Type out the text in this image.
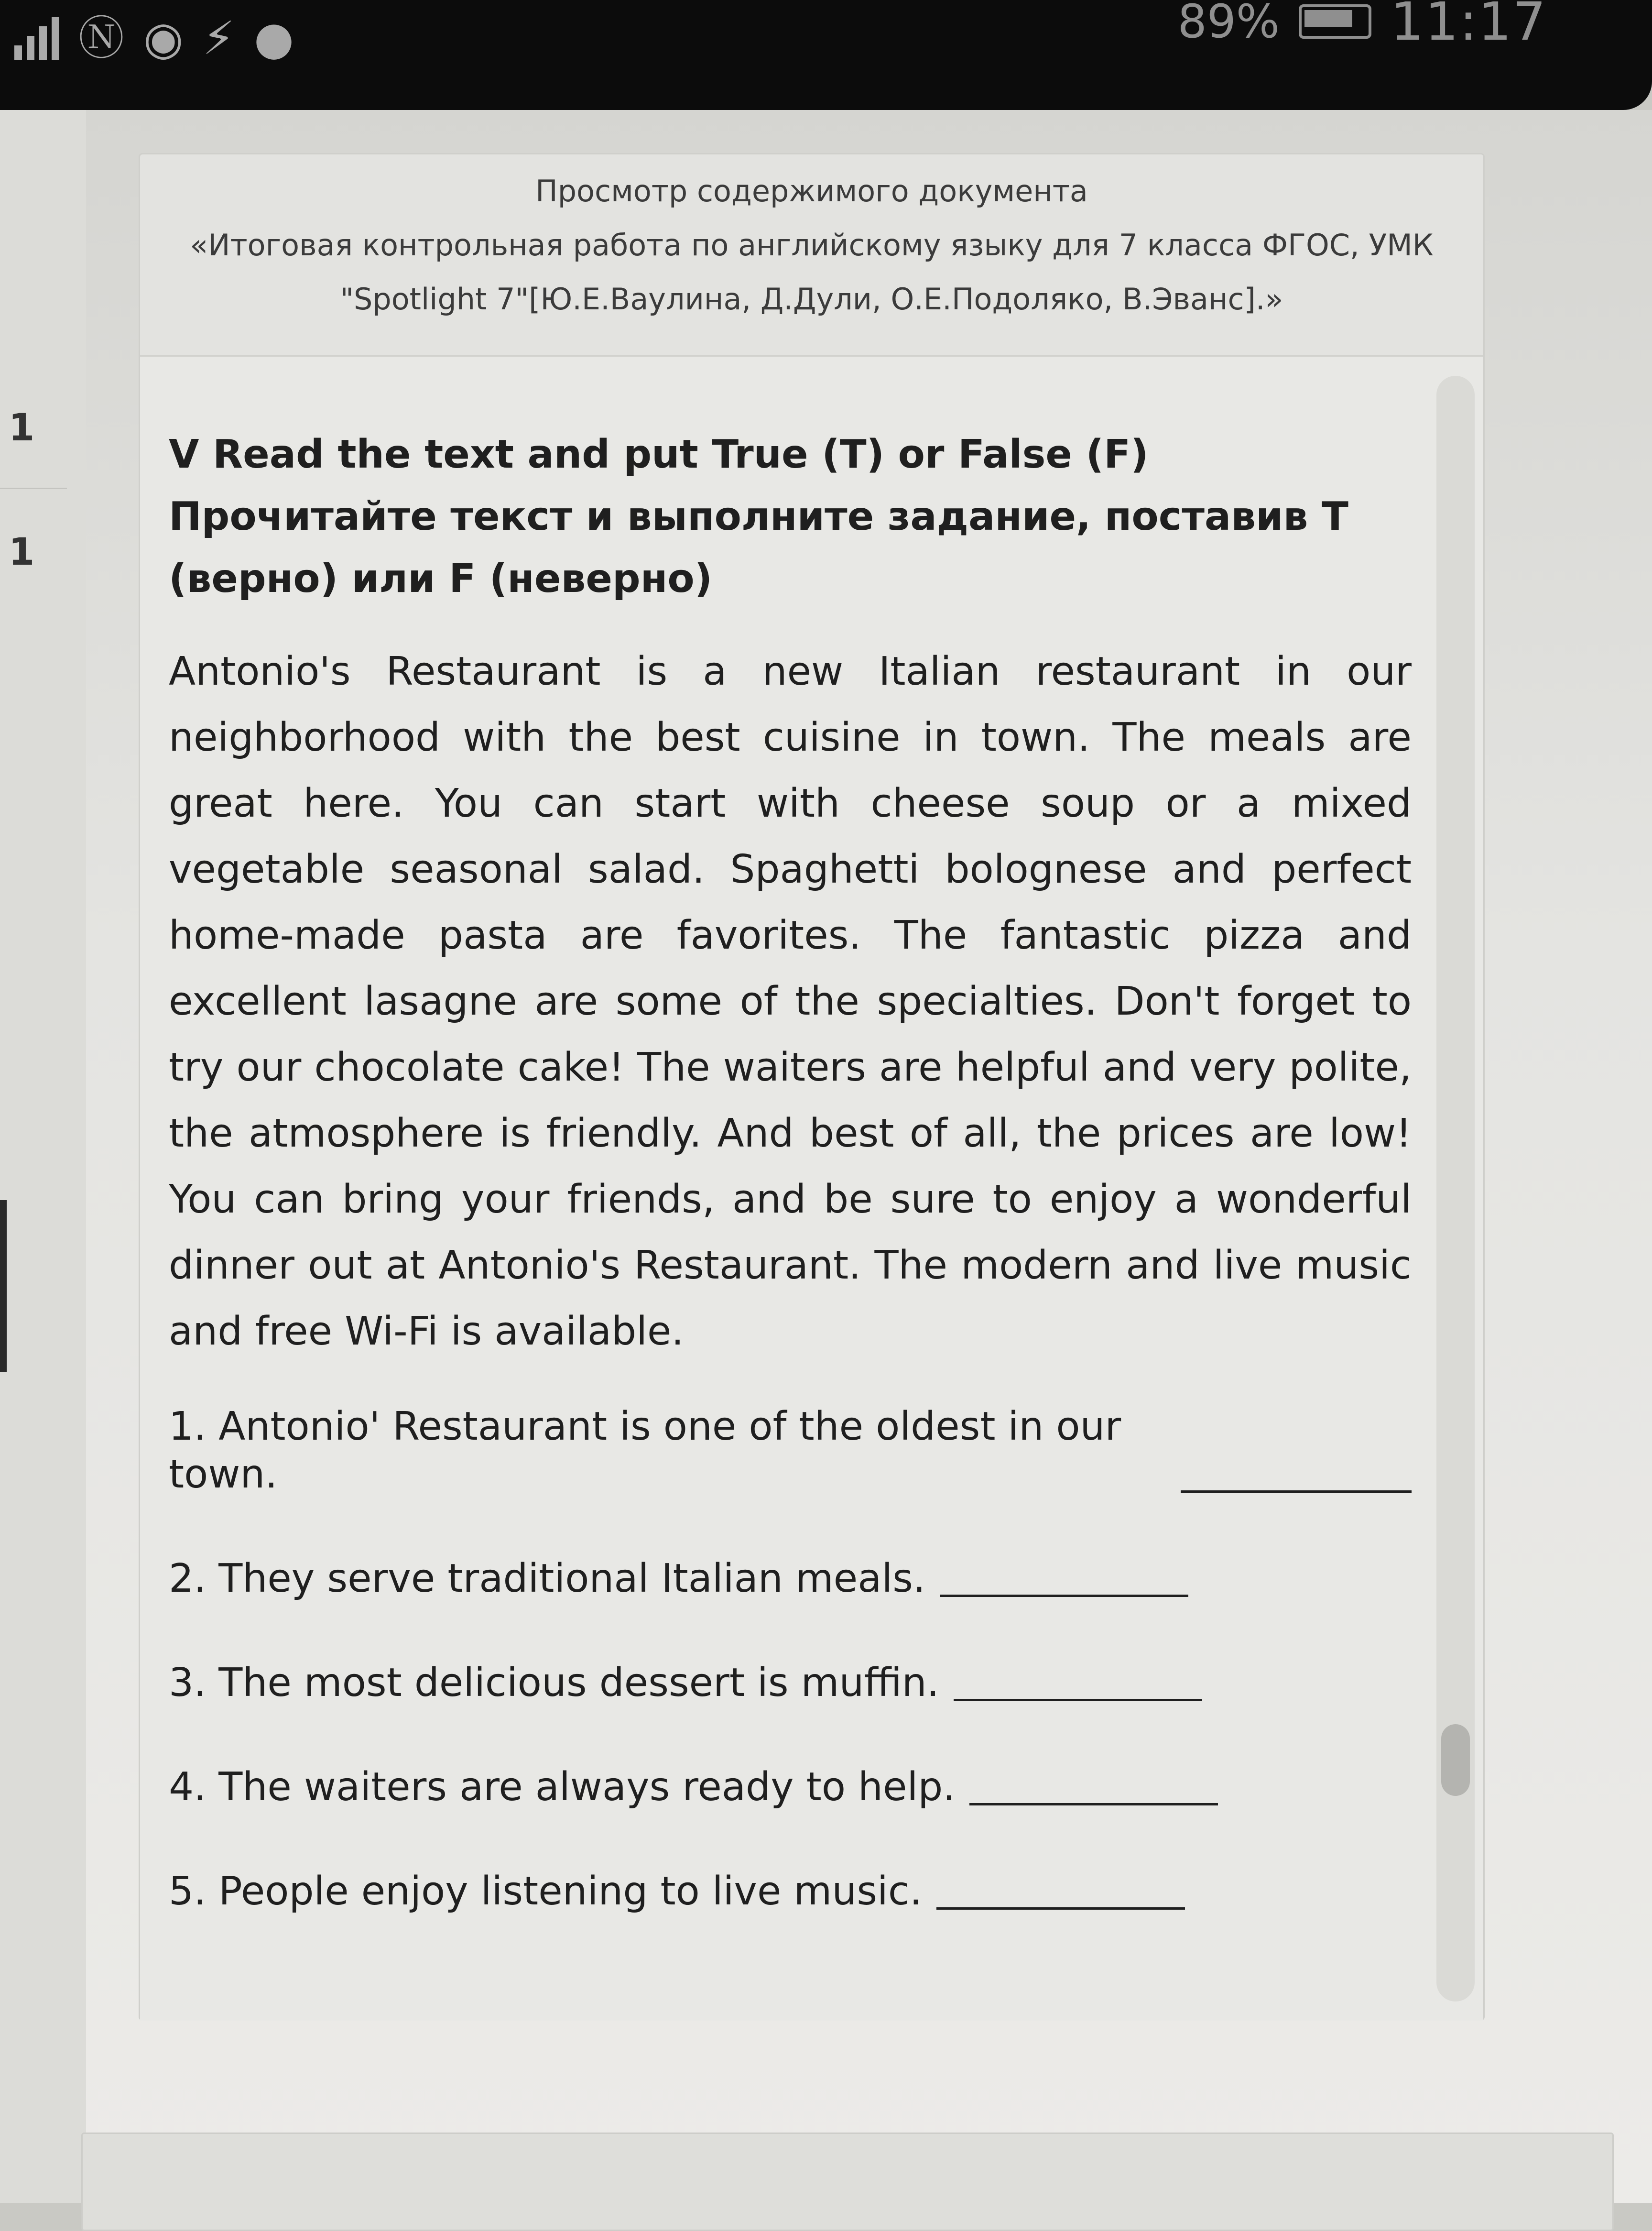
Ⓝ ◉ ⚡ ●	89% 11:17
1
1
Просмотр содержимого документа
«Итоговая контрольная работа по английскому языку для 7 класса ФГОС, УМК
"Spotlight 7"[Ю.Е.Ваулина, Д.Дули, О.Е.Подоляко, В.Эванс].»

V Read the text and put True (T) or False (F) Прочитайте текст и выполните задание, поставив Т (верно) или F (неверно)

Antonio's Restaurant is a new Italian restaurant in our neighborhood with the best cuisine in town. The meals are great here. You can start with cheese soup or a mixed vegetable seasonal salad. Spaghetti bolognese and perfect home-made pasta are favorites. The fantastic pizza and excellent lasagne are some of the specialties. Don't forget to try our chocolate cake! The waiters are helpful and very polite, the atmosphere is friendly. And best of all, the prices are low! You can bring your friends, and be sure to enjoy a wonderful dinner out at Antonio's Restaurant. The modern and live music and free Wi-Fi is available.

1. Antonio' Restaurant is one of the oldest in our town.
2. They serve traditional Italian meals.
3. The most delicious dessert is muffin.
4. The waiters are always ready to help.
5. People enjoy listening to live music.
